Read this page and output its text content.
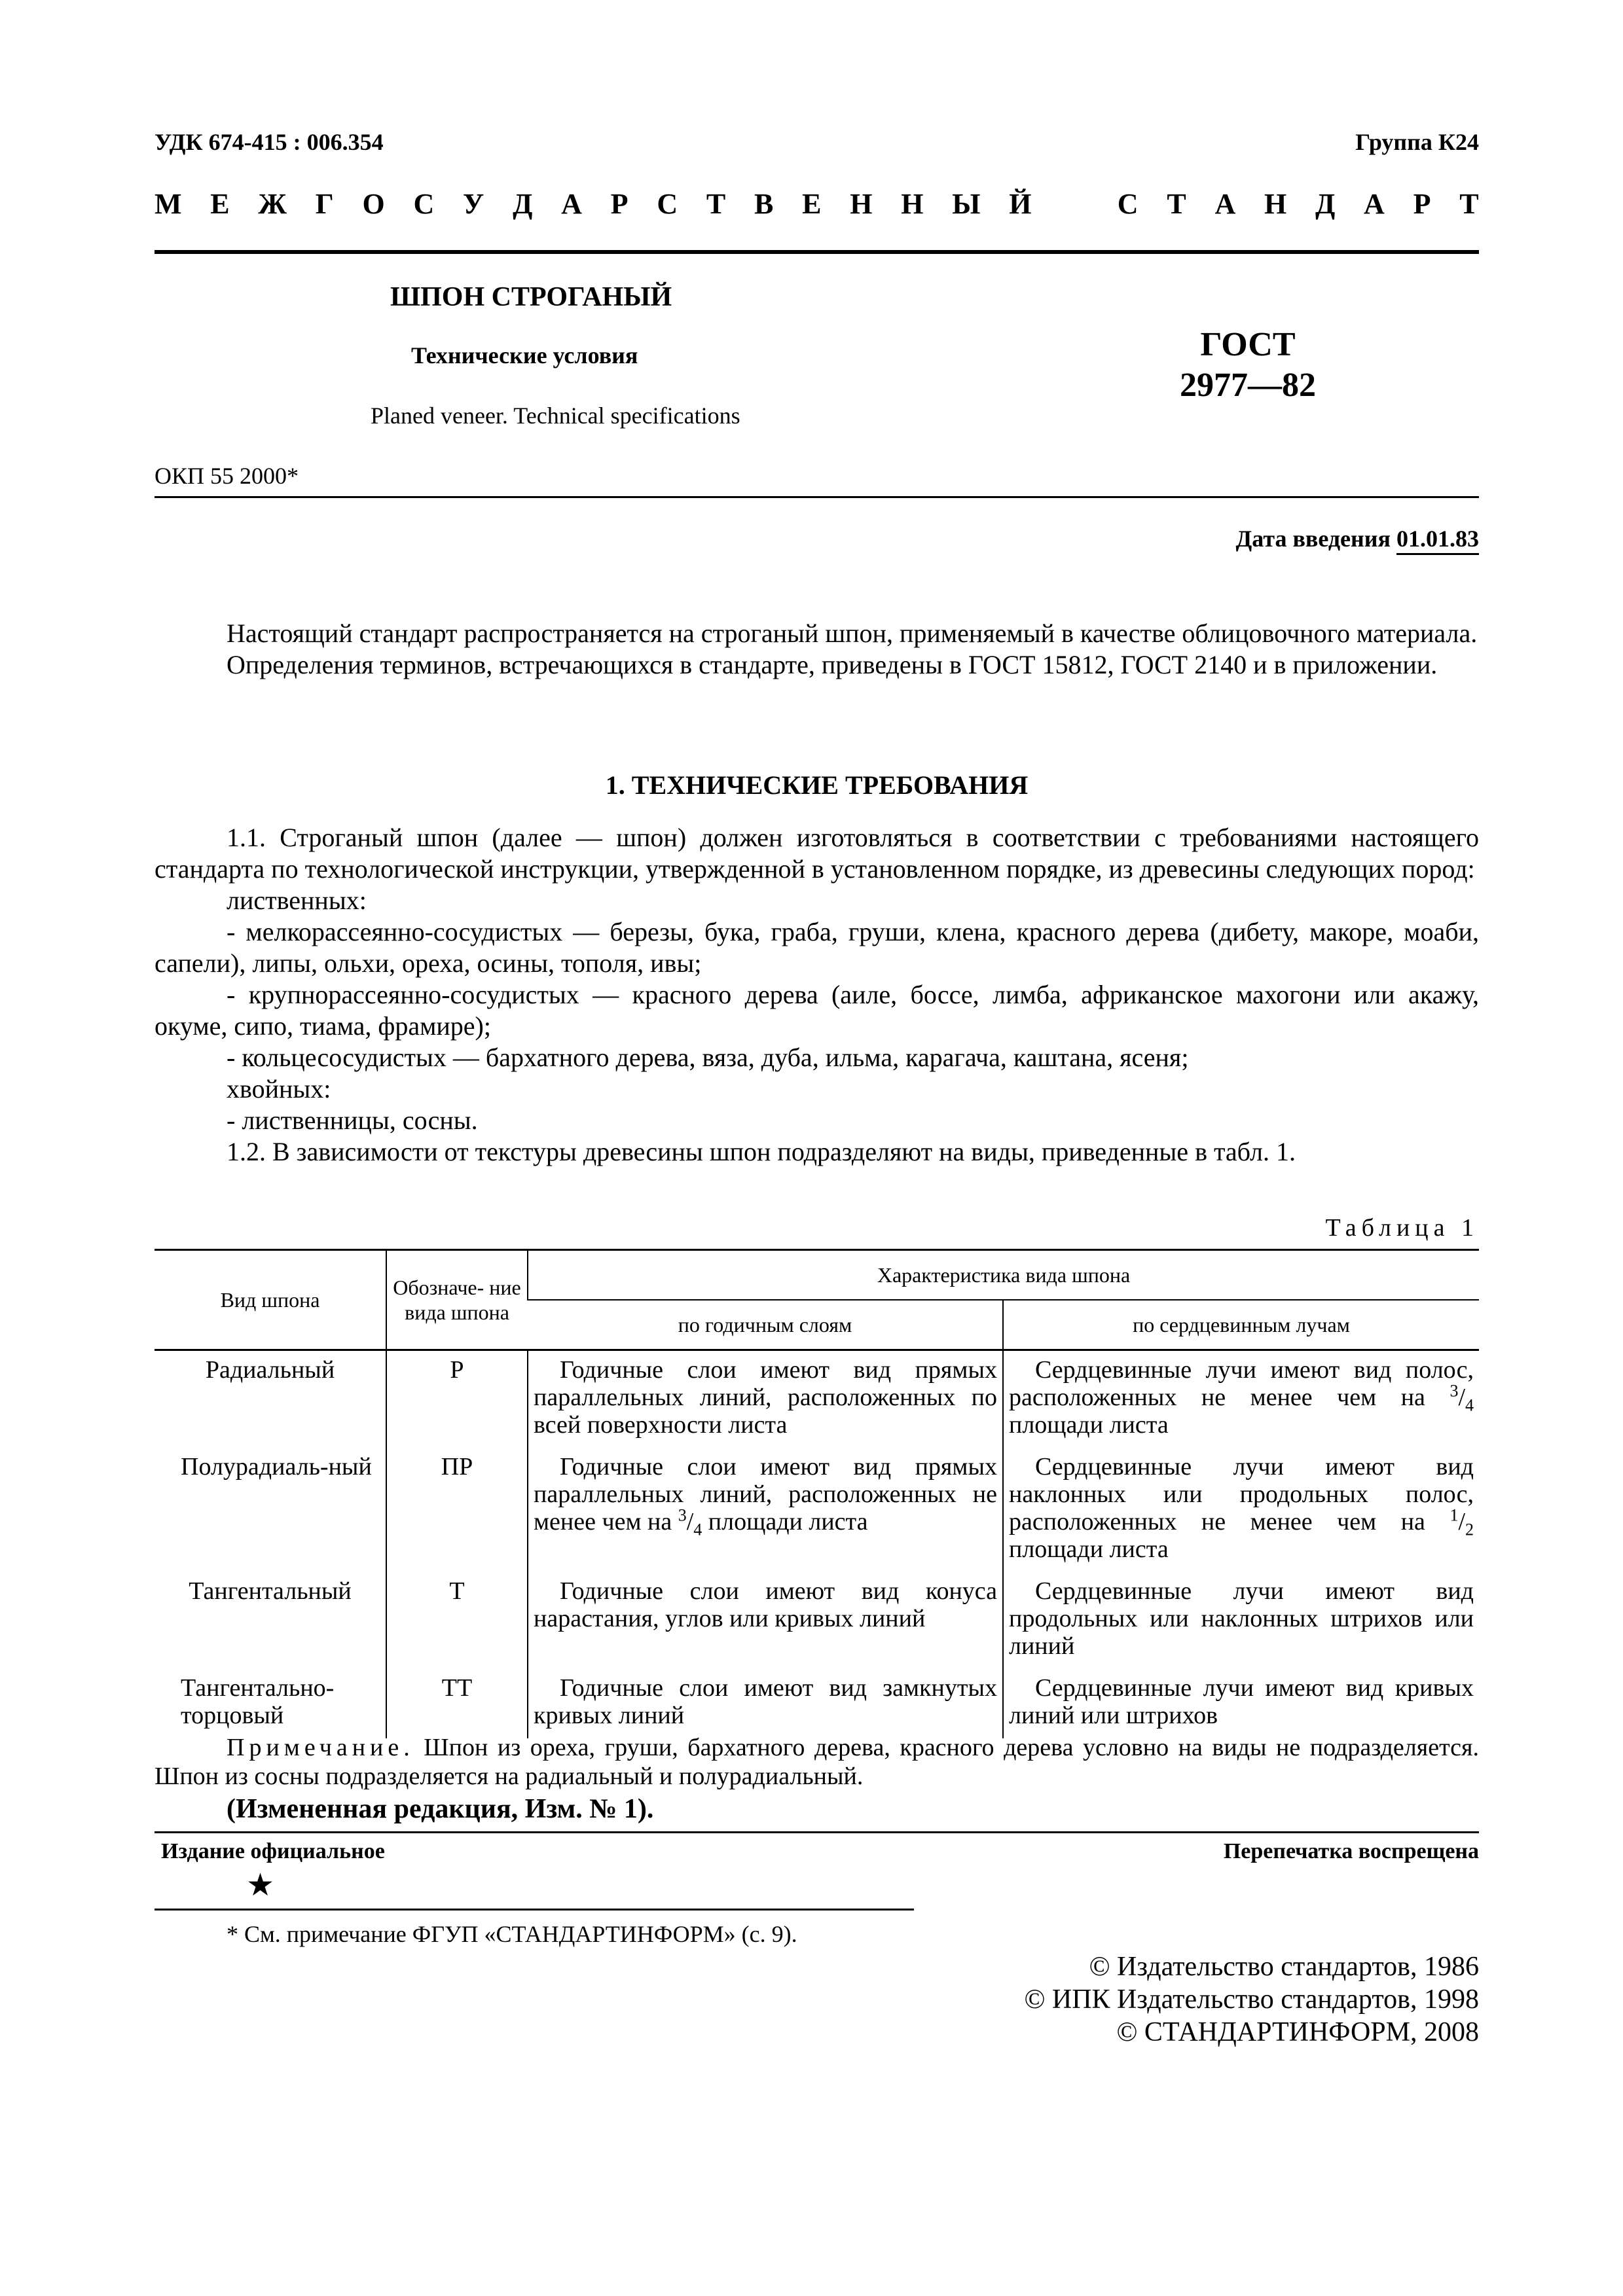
УДК 674-415 : 006.354	Группа К24
М Е Ж Г О С У Д А Р С Т В Е Н Н Ы Й	С Т А Н Д А Р Т
ШПОН СТРОГАНЫЙ
Технические условия
Planed veneer. Technical specifications
ГОСТ
2977—82
ОКП 55 2000*
Дата введения 01.01.83

Настоящий стандарт распространяется на строганый шпон, применяемый в качестве облицовочного материала.

Определения терминов, встречающихся в стандарте, приведены в ГОСТ 15812, ГОСТ 2140 и в приложении.

1. ТЕХНИЧЕСКИЕ ТРЕБОВАНИЯ

1.1. Строганый шпон (далее — шпон) должен изготовляться в соответствии с требованиями настоящего стандарта по технологической инструкции, утвержденной в установленном порядке, из древесины следующих пород:

лиственных:

- мелкорассеянно-сосудистых — березы, бука, граба, груши, клена, красного дерева (дибету, макоре, моаби, сапели), липы, ольхи, ореха, осины, тополя, ивы;

- крупнорассеянно-сосудистых — красного дерева (аиле, боссе, лимба, африканское махогони или акажу, окуме, сипо, тиама, фрамире);

- кольцесосудистых — бархатного дерева, вяза, дуба, ильма, карагача, каштана, ясеня;

хвойных:

- лиственницы, сосны.

1.2. В зависимости от текстуры древесины шпон подразделяют на виды, приведенные в табл. 1.

Таблица 1
Вид шпона	Обозначе- ние вида шпона	Характеристика вида шпона	
		по годичным слоям	по сердцевинным лучам
Радиальный	Р	Годичные слои имеют вид прямых параллельных линий, расположенных по всей поверхности листа	Сердцевинные лучи имеют вид полос, расположенных не менее чем на $^3/_4$ площади листа
Полурадиаль-ный	ПР	Годичные слои имеют вид прямых параллельных линий, расположенных не менее чем на $^3/_4$ площади листа	Сердцевинные лучи имеют вид наклонных или продольных полос, расположенных не менее чем на $^1/_2$ площади листа
Тангентальный	Т	Годичные слои имеют вид конуса нарастания, углов или кривых линий	Сердцевинные лучи имеют вид продольных или наклонных штрихов или линий
Тангентально-торцовый	ТТ	Годичные слои имеют вид замкнутых кривых линий	Сердцевинные лучи имеют вид кривых линий или штрихов
Примечание. Шпон из ореха, груши, бархатного дерева, красного дерева условно на виды не подразделяется. Шпон из сосны подразделяется на радиальный и полурадиальный.
(Измененная редакция, Изм. № 1).
Издание официальное	Перепечатка воспрещена
★
* См. примечание ФГУП «СТАНДАРТИНФОРМ» (с. 9).
© Издательство стандартов, 1986
© ИПК Издательство стандартов, 1998
© СТАНДАРТИНФОРМ, 2008
